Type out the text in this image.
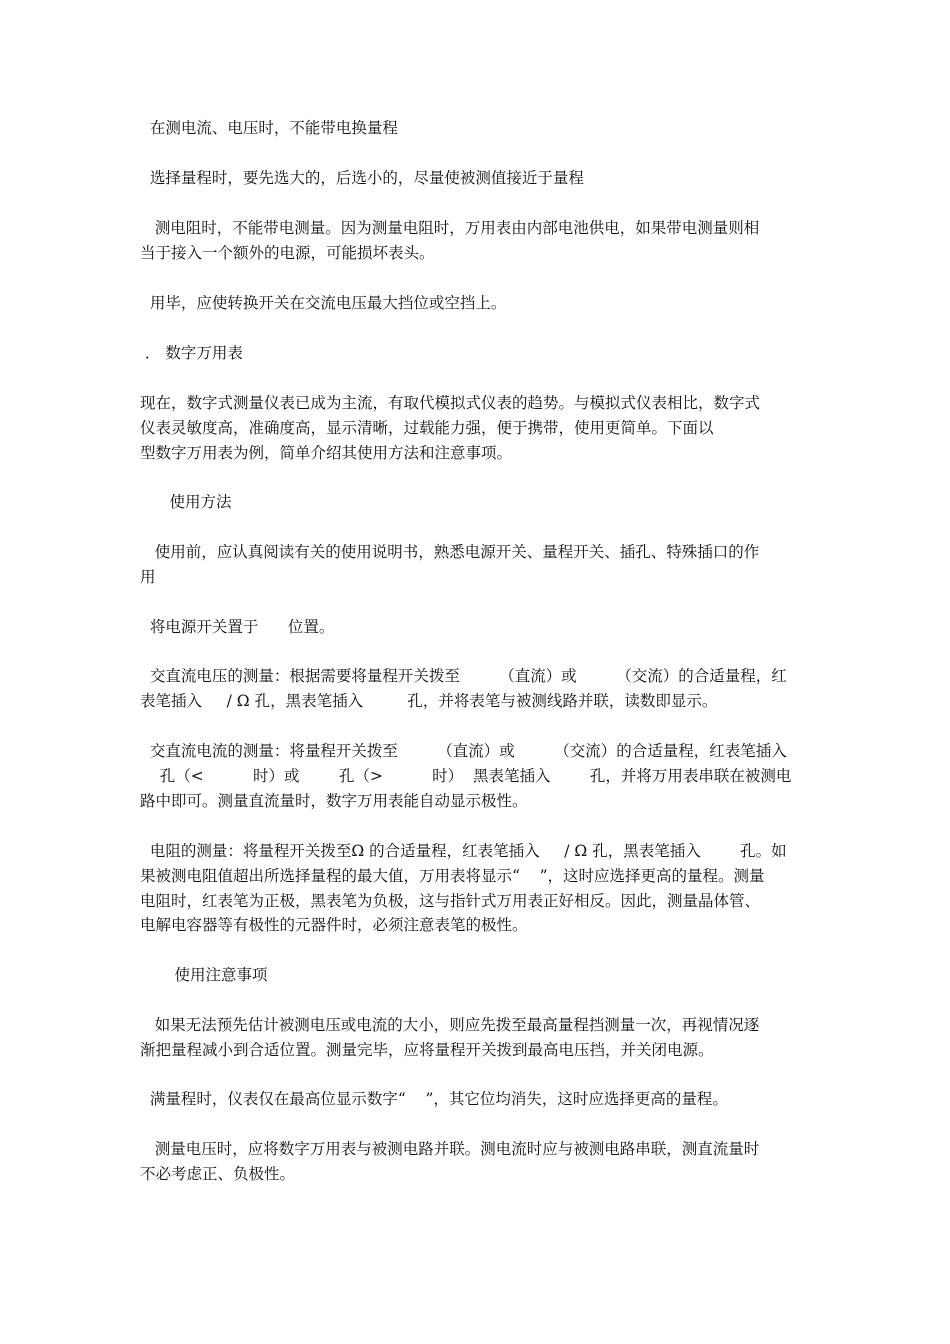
在测电流、电压时，不能带电换量程
选择量程时，要先选大的，后选小的，尽量使被测值接近于量程
测电阻时，不能带电测量。因为测量电阻时，万用表由内部电池供电，如果带电测量则相
当于接入一个额外的电源，可能损坏表头。
用毕，应使转换开关在交流电压最大挡位或空挡上。
． 数字万用表
现在，数字式测量仪表已成为主流，有取代模拟式仪表的趋势。与模拟式仪表相比，数字式
仪表灵敏度高，准确度高，显示清晰，过载能力强，便于携带，使用更简单。下面以
型数字万用表为例，简单介绍其使用方法和注意事项。
使用方法
使用前，应认真阅读有关的使用说明书，熟悉电源开关、量程开关、插孔、特殊插口的作
用
将电源开关置于      位置。
交直流电压的测量：根据需要将量程开关拨至        （直流）或        （交流）的合适量程，红
表笔插入     / Ω 孔，黑表笔插入         孔，并将表笔与被测线路并联，读数即显示。
交直流电流的测量：将量程开关拨至        （直流）或        （交流）的合适量程，红表笔插入
孔（<          时）或        孔（>          时）  黑表笔插入        孔，并将万用表串联在被测电
路中即可。测量直流量时，数字万用表能自动显示极性。
电阻的测量：将量程开关拨至Ω 的合适量程，红表笔插入     / Ω 孔，黑表笔插入        孔。如
果被测电阻值超出所选择量程的最大值，万用表将显示“    ”，这时应选择更高的量程。测量
电阻时，红表笔为正极，黑表笔为负极，这与指针式万用表正好相反。因此，测量晶体管、
电解电容器等有极性的元器件时，必须注意表笔的极性。
使用注意事项
如果无法预先估计被测电压或电流的大小，则应先拨至最高量程挡测量一次，再视情况逐
渐把量程减小到合适位置。测量完毕，应将量程开关拨到最高电压挡，并关闭电源。
满量程时，仪表仅在最高位显示数字“    ”，其它位均消失，这时应选择更高的量程。
测量电压时，应将数字万用表与被测电路并联。测电流时应与被测电路串联，测直流量时
不必考虑正、负极性。
